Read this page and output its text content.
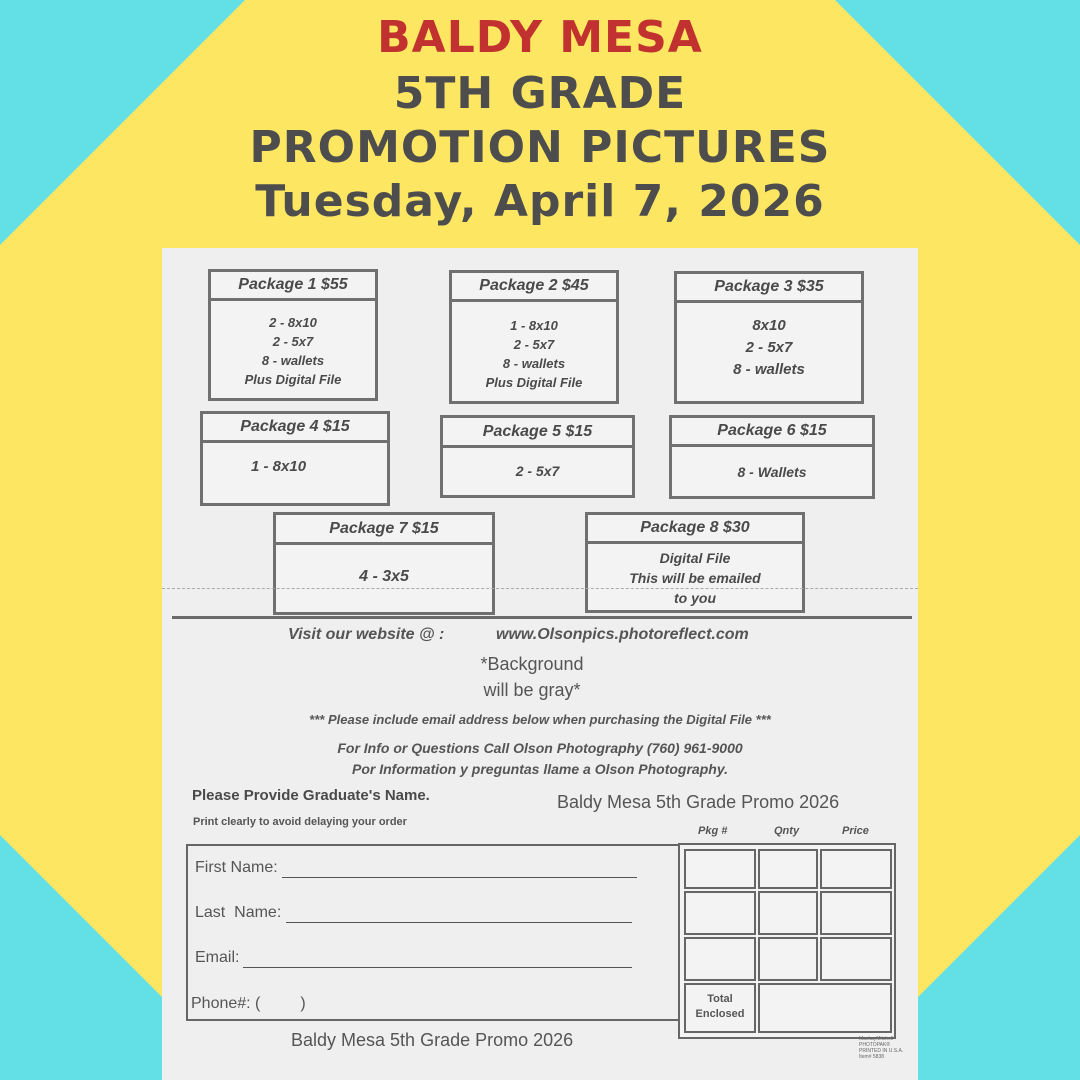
BALDY MESA
5TH GRADE
PROMOTION PICTURES
Tuesday, April 7, 2026
Package 1 $55
2 - 8x10
2 - 5x7
8 - wallets
Plus Digital File
Package 2 $45
1 - 8x10
2 - 5x7
8 - wallets
Plus Digital File
Package 3 $35
8x10
2 - 5x7
8 - wallets
Package 4 $15
1 - 8x10
Package 5 $15
2 - 5x7
Package 6 $15
8 - Wallets
Package 7 $15
4 - 3x5
Package 8 $30
Digital File
This will be emailed
to you
Visit our website @ :	www.Olsonpics.photoreflect.com
*Background
will be gray*
*** Please include email address below when purchasing the Digital File ***
For Info or Questions Call Olson Photography (760) 961-9000
Por Information y preguntas llame a Olson Photography.
Please Provide Graduate's Name.
Print clearly to avoid delaying your order
Baldy Mesa 5th Grade Promo 2026
Pkg #	Qnty	Price
First Name:
Last  Name:
Email:
Phone#: (         )
Baldy Mesa 5th Grade Promo 2026
Total
Enclosed
MackayMitchell
PHOTOPAK®
PRINTED IN U.S.A.
Item# 5838
